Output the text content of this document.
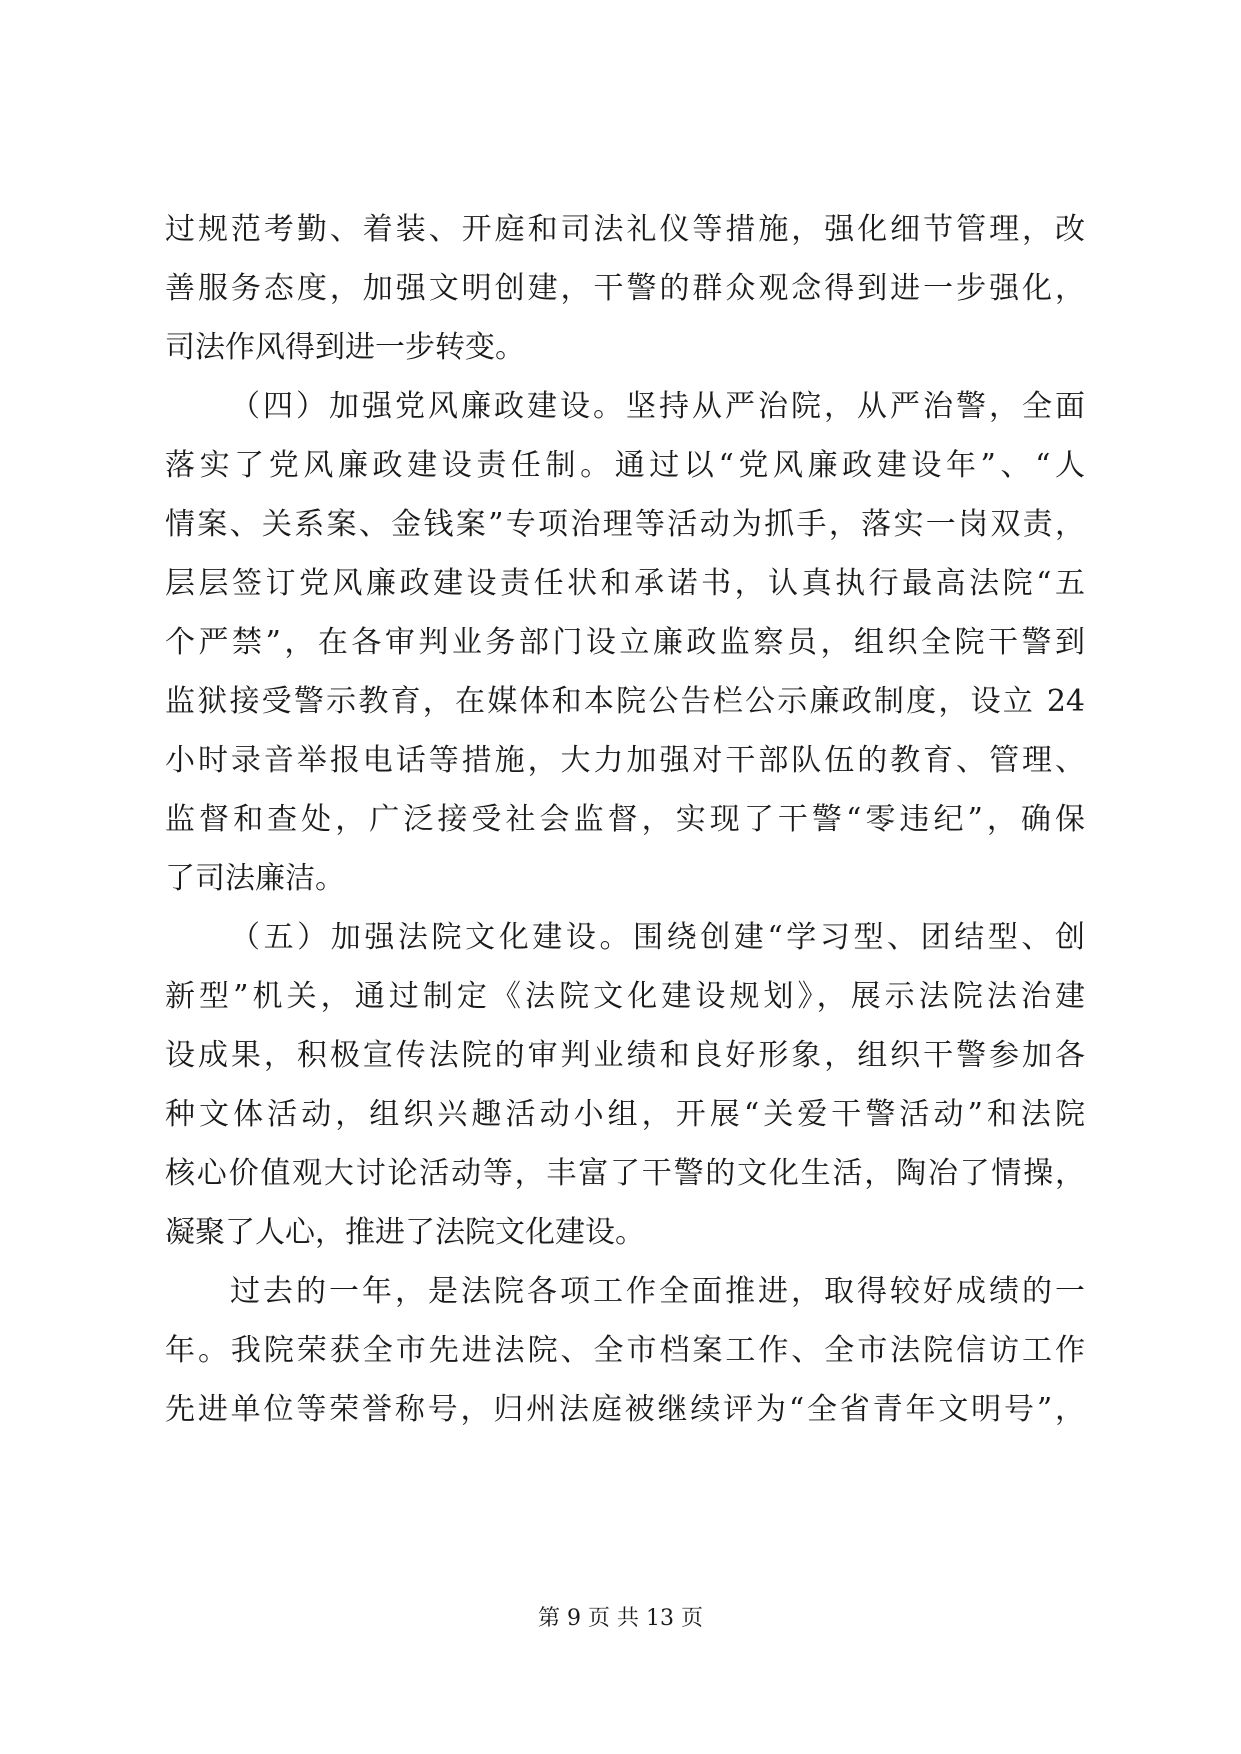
过规范考勤、着装、开庭和司法礼仪等措施，强化细节管理，改
善服务态度，加强文明创建，干警的群众观念得到进一步强化，
司法作风得到进一步转变。
（四）加强党风廉政建设。坚持从严治院，从严治警，全面
落实了党风廉政建设责任制。通过以“党风廉政建设年”、“人
情案、关系案、金钱案”专项治理等活动为抓手，落实一岗双责，
层层签订党风廉政建设责任状和承诺书，认真执行最高法院“五
个严禁”，在各审判业务部门设立廉政监察员，组织全院干警到
监狱接受警示教育，在媒体和本院公告栏公示廉政制度，设立 24
小时录音举报电话等措施，大力加强对干部队伍的教育、管理、
监督和查处，广泛接受社会监督，实现了干警“零违纪”，确保
了司法廉洁。
（五）加强法院文化建设。围绕创建“学习型、团结型、创
新型”机关，通过制定《法院文化建设规划》，展示法院法治建
设成果，积极宣传法院的审判业绩和良好形象，组织干警参加各
种文体活动，组织兴趣活动小组，开展“关爱干警活动”和法院
核心价值观大讨论活动等，丰富了干警的文化生活，陶冶了情操，
凝聚了人心，推进了法院文化建设。
过去的一年，是法院各项工作全面推进，取得较好成绩的一
年。我院荣获全市先进法院、全市档案工作、全市法院信访工作
先进单位等荣誉称号，归州法庭被继续评为“全省青年文明号”，
第 9 页 共 13 页
